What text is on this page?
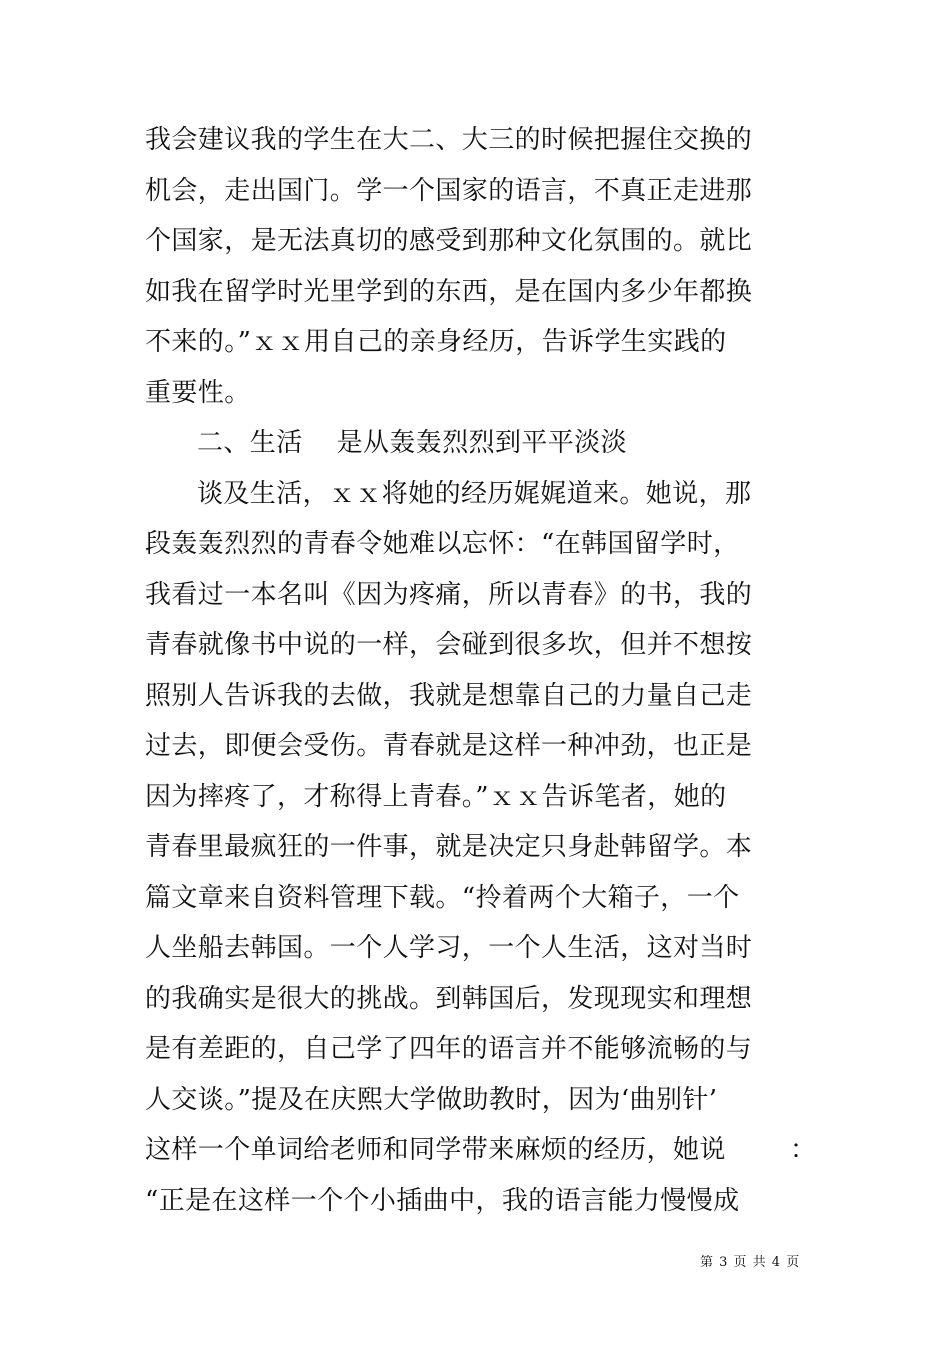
我会建议我的学生在大二、大三的时候把握住交换的
机会，走出国门。学一个国家的语言，不真正走进那
个国家，是无法真切的感受到那种文化氛围的。就比
如我在留学时光里学到的东西，是在国内多少年都换
不来的。”ｘｘ用自己的亲身经历，告诉学生实践的
重要性。
二、生活 是从轰轰烈烈到平平淡淡
谈及生活，ｘｘ将她的经历娓娓道来。她说，那
段轰轰烈烈的青春令她难以忘怀：“在韩国留学时，
我看过一本名叫《因为疼痛，所以青春》的书，我的
青春就像书中说的一样，会碰到很多坎，但并不想按
照别人告诉我的去做，我就是想靠自己的力量自己走
过去，即便会受伤。青春就是这样一种冲劲，也正是
因为摔疼了，才称得上青春。”ｘｘ告诉笔者，她的
青春里最疯狂的一件事，就是决定只身赴韩留学。本
篇文章来自资料管理下载。“拎着两个大箱子，一个
人坐船去韩国。一个人学习，一个人生活，这对当时
的我确实是很大的挑战。到韩国后，发现现实和理想
是有差距的，自己学了四年的语言并不能够流畅的与
人交谈。”提及在庆熙大学做助教时，因为‘曲别针’
这样一个单词给老师和同学带来麻烦的经历，她说 ：
“正是在这样一个个小插曲中，我的语言能力慢慢成
第 3 页 共 4 页
